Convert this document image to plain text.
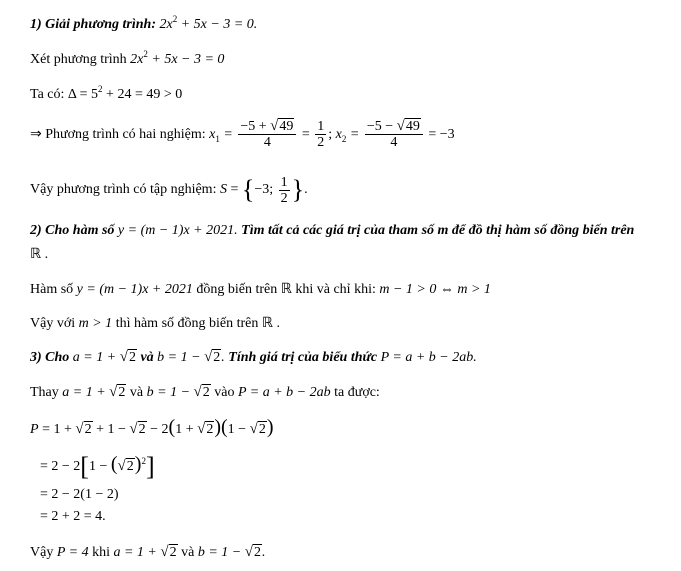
1) Giải phương trình: $2x^2 + 5x - 3 = 0$.
Xét phương trình $2x^2 + 5x - 3 = 0$
Ta có: $\Delta = 5^2 + 24 = 49 > 0$
⇒ Phương trình có hai nghiệm: $x_1 = \frac{-5 + √49}{4} = \frac{1}{2}$ ; $x_2 = \frac{-5 - √49}{4} = -3$
Vậy phương trình có tập nghiệm: S = {−3; $\frac{1}{2}$ }.
2) Cho hàm số y = (m − 1)x + 2021. Tìm tất cả các giá trị của tham số m để đồ thị hàm số đồng biến trên
ℝ .
Hàm số y = (m − 1)x + 2021 đồng biến trên ℝ khi và chỉ khi: m − 1 > 0 ⇔ m > 1
Vậy với m > 1 thì hàm số đồng biến trên ℝ .
3) Cho a = 1 + √2 và b = 1 − √2. Tính giá trị của biểu thức P = a + b − 2ab.
Thay a = 1 + √2 và b = 1 − √2 vào P = a + b − 2ab ta được:
P = 1 + √2 + 1 − √2 − 2(1 + √2)(1 − √2)
= $2 - 2[1 - (√2)^2]$
= 2 − 2(1 − 2)
= 2 + 2 = 4.
Vậy P = 4 khi a = 1 + √2 và b = 1 − √2.
